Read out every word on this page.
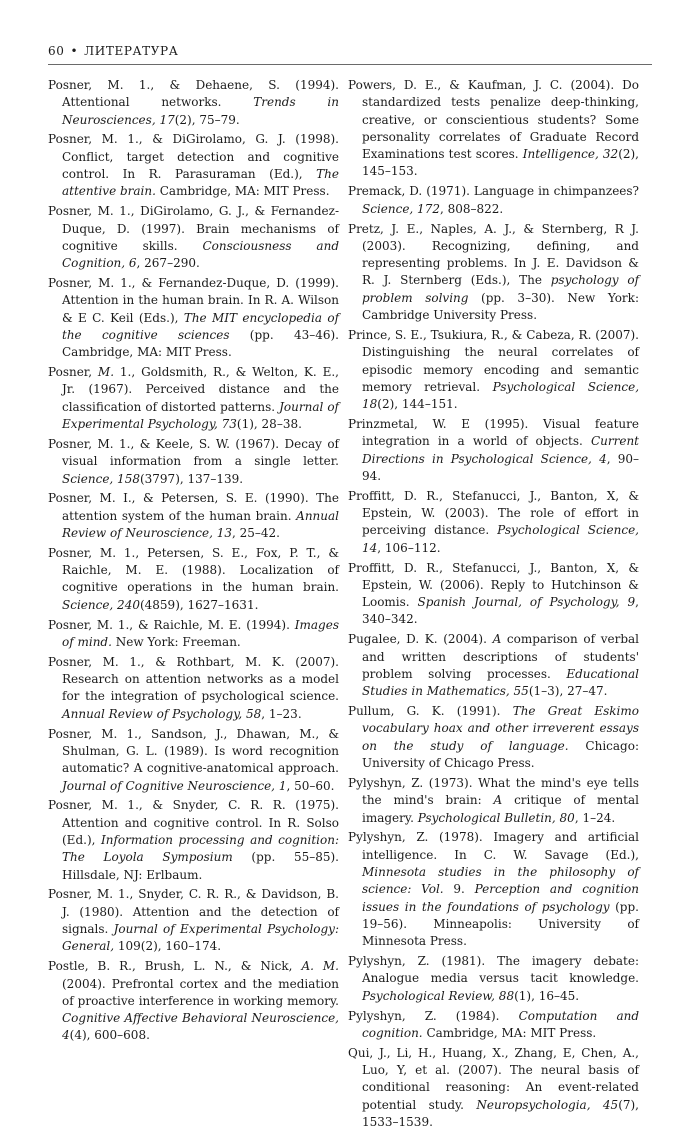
60 • ЛИТЕРАТУРА

Posner, M. 1., & Dehaene, S. (1994). Attentional networks. Trends in Neurosciences, 17(2), 75–79.

Posner, M. 1., & DiGirolamo, G. J. (1998). Conflict, target detection and cognitive control. In R. Parasuraman (Ed.), The attentive brain. Cambridge, MA: MIT Press.

Posner, M. 1., DiGirolamo, G. J., & Fernandez-Duque, D. (1997). Brain mechanisms of cognitive skills. Consciousness and Cognition, 6, 267–290.

Posner, M. 1., & Fernandez-Duque, D. (1999). Attention in the human brain. In R. A. Wilson & E C. Keil (Eds.), The MIT encyclopedia of the cognitive sciences (pp. 43–46). Cambridge, MA: MIT Press.

Posner, M. 1., Goldsmith, R., & Welton, K. E., Jr. (1967). Perceived distance and the classification of distorted patterns. Journal of Experimental Psychology, 73(1), 28–38.

Posner, M. 1., & Keele, S. W. (1967). Decay of visual information from a single letter. Science, 158(3797), 137–139.

Posner, M. I., & Petersen, S. E. (1990). The attention system of the human brain. Annual Review of Neuroscience, 13, 25–42.

Posner, M. 1., Petersen, S. E., Fox, P. T., & Raichle, M. E. (1988). Localization of cognitive operations in the human brain. Science, 240(4859), 1627–1631.

Posner, M. 1., & Raichle, M. E. (1994). Images of mind. New York: Freeman.

Posner, M. 1., & Rothbart, M. K. (2007). Research on attention networks as a model for the integration of psychological science. Annual Review of Psychology, 58, 1–23.

Posner, M. 1., Sandson, J., Dhawan, M., & Shulman, G. L. (1989). Is word recognition automatic? A cognitive-anatomical approach. Journal of Cognitive Neuroscience, 1, 50–60.

Posner, M. 1., & Snyder, C. R. R. (1975). Attention and cognitive control. In R. Solso (Ed.), Information processing and cognition: The Loyola Symposium (pp. 55–85). Hillsdale, NJ: Erlbaum.

Posner, M. 1., Snyder, C. R. R., & Davidson, B. J. (1980). Attention and the detection of signals. Journal of Experimental Psychology: General, 109(2), 160–174.

Postle, B. R., Brush, L. N., & Nick, A. M. (2004). Prefrontal cortex and the mediation of proactive interference in working memory. Cognitive Affective Behavioral Neuroscience, 4(4), 600–608.

Powers, D. E., & Kaufman, J. C. (2004). Do standardized tests penalize deep-thinking, creative, or conscientious students? Some personality correlates of Graduate Record Examinations test scores. Intelligence, 32(2), 145–153.

Premack, D. (1971). Language in chimpanzees? Science, 172, 808–822.

Pretz, J. E., Naples, A. J., & Sternberg, R J. (2003). Recognizing, defining, and representing problems. In J. E. Davidson & R. J. Sternberg (Eds.), The psychology of problem solving (pp. 3–30). New York: Cambridge University Press.

Prince, S. E., Tsukiura, R., & Cabeza, R. (2007). Distinguishing the neural correlates of episodic memory encoding and semantic memory retrieval. Psychological Science, 18(2), 144–151.

Prinzmetal, W. E (1995). Visual feature integration in a world of objects. Current Directions in Psychological Science, 4, 90–94.

Proffitt, D. R., Stefanucci, J., Banton, X, & Epstein, W. (2003). The role of effort in perceiving distance. Psychological Science, 14, 106–112.

Proffitt, D. R., Stefanucci, J., Banton, X, & Epstein, W. (2006). Reply to Hutchinson & Loomis. Spanish Journal, of Psychology, 9, 340–342.

Pugalee, D. K. (2004). A comparison of verbal and written descriptions of students' problem solving processes. Educational Studies in Mathematics, 55(1–3), 27–47.

Pullum, G. K. (1991). The Great Eskimo vocabulary hoax and other irreverent essays on the study of language. Chicago: University of Chicago Press.

Pylyshyn, Z. (1973). What the mind's eye tells the mind's brain: A critique of mental imagery. Psychological Bulletin, 80, 1–24.

Pylyshyn, Z. (1978). Imagery and artificial intelligence. In C. W. Savage (Ed.), Minnesota studies in the philosophy of science: Vol. 9. Perception and cognition issues in the foundations of psychology (pp. 19–56). Minneapolis: University of Minnesota Press.

Pylyshyn, Z. (1981). The imagery debate: Analogue media versus tacit knowledge. Psychological Review, 88(1), 16–45.

Pylyshyn, Z. (1984). Computation and cognition. Cambridge, MA: MIT Press.

Qui, J., Li, H., Huang, X., Zhang, E, Chen, A., Luo, Y, et al. (2007). The neural basis of conditional reasoning: An event-related potential study. Neuropsychologia, 45(7), 1533–1539.
